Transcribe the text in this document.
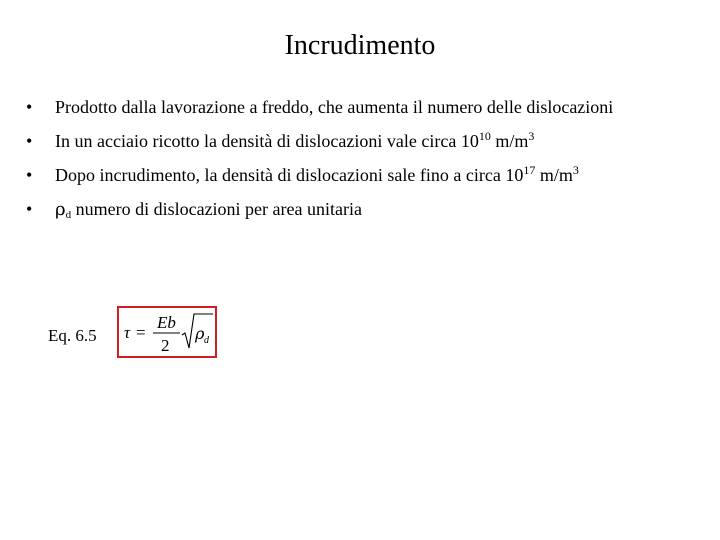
Incrudimento
•	Prodotto dalla lavorazione a freddo, che aumenta il numero delle dislocazioni
•	In un acciaio ricotto la densità di dislocazioni vale circa $10^{10}$ $m/m^3$
•	Dopo incrudimento, la densità di dislocazioni sale fino a circa $10^{17}$ $m/m^3$
•	$\rho_d$ numero di dislocazioni per area unitaria
Eq. 6.5 τ =
Eb
2
ρ d
